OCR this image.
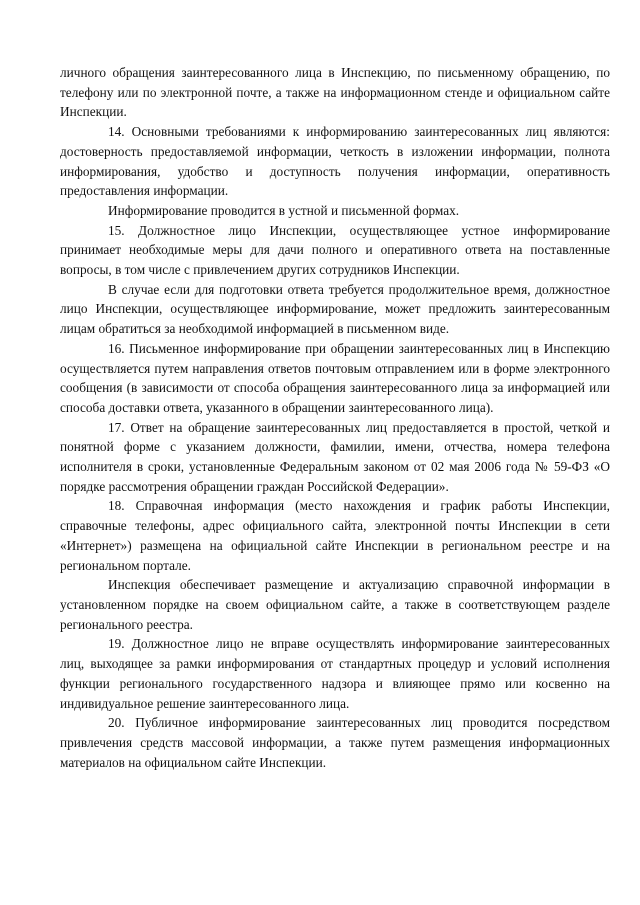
личного обращения заинтересованного лица в Инспекцию, по письменному обращению, по телефону или по электронной почте, а также на информационном стенде и официальном сайте Инспекции.

14. Основными требованиями к информированию заинтересованных лиц являются: достоверность предоставляемой информации, четкость в изложении информации, полнота информирования, удобство и доступность получения информации, оперативность предоставления информации.

Информирование проводится в устной и письменной формах.

15. Должностное лицо Инспекции, осуществляющее устное информирование принимает необходимые меры для дачи полного и оперативного ответа на поставленные вопросы, в том числе с привлечением других сотрудников Инспекции.

В случае если для подготовки ответа требуется продолжительное время, должностное лицо Инспекции, осуществляющее информирование, может предложить заинтересованным лицам обратиться за необходимой информацией в письменном виде.

16. Письменное информирование при обращении заинтересованных лиц в Инспекцию осуществляется путем направления ответов почтовым отправлением или в форме электронного сообщения (в зависимости от способа обращения заинтересованного лица за информацией или способа доставки ответа, указанного в обращении заинтересованного лица).

17. Ответ на обращение заинтересованных лиц предоставляется в простой, четкой и понятной форме с указанием должности, фамилии, имени, отчества, номера телефона исполнителя в сроки, установленные Федеральным законом от 02 мая 2006 года № 59-ФЗ «О порядке рассмотрения обращении граждан Российской Федерации».

18. Справочная информация (место нахождения и график работы Инспекции, справочные телефоны, адрес официального сайта, электронной почты Инспекции в сети «Интернет») размещена на официальной сайте Инспекции в региональном реестре и на региональном портале.

Инспекция обеспечивает размещение и актуализацию справочной информации в установленном порядке на своем официальном сайте, а также в соответствующем разделе регионального реестра.

19. Должностное лицо не вправе осуществлять информирование заинтересованных лиц, выходящее за рамки информирования от стандартных процедур и условий исполнения функции регионального государственного надзора и влияющее прямо или косвенно на индивидуальное решение заинтересованного лица.

20. Публичное информирование заинтересованных лиц проводится посредством привлечения средств массовой информации, а также путем размещения информационных материалов на официальном сайте Инспекции.
